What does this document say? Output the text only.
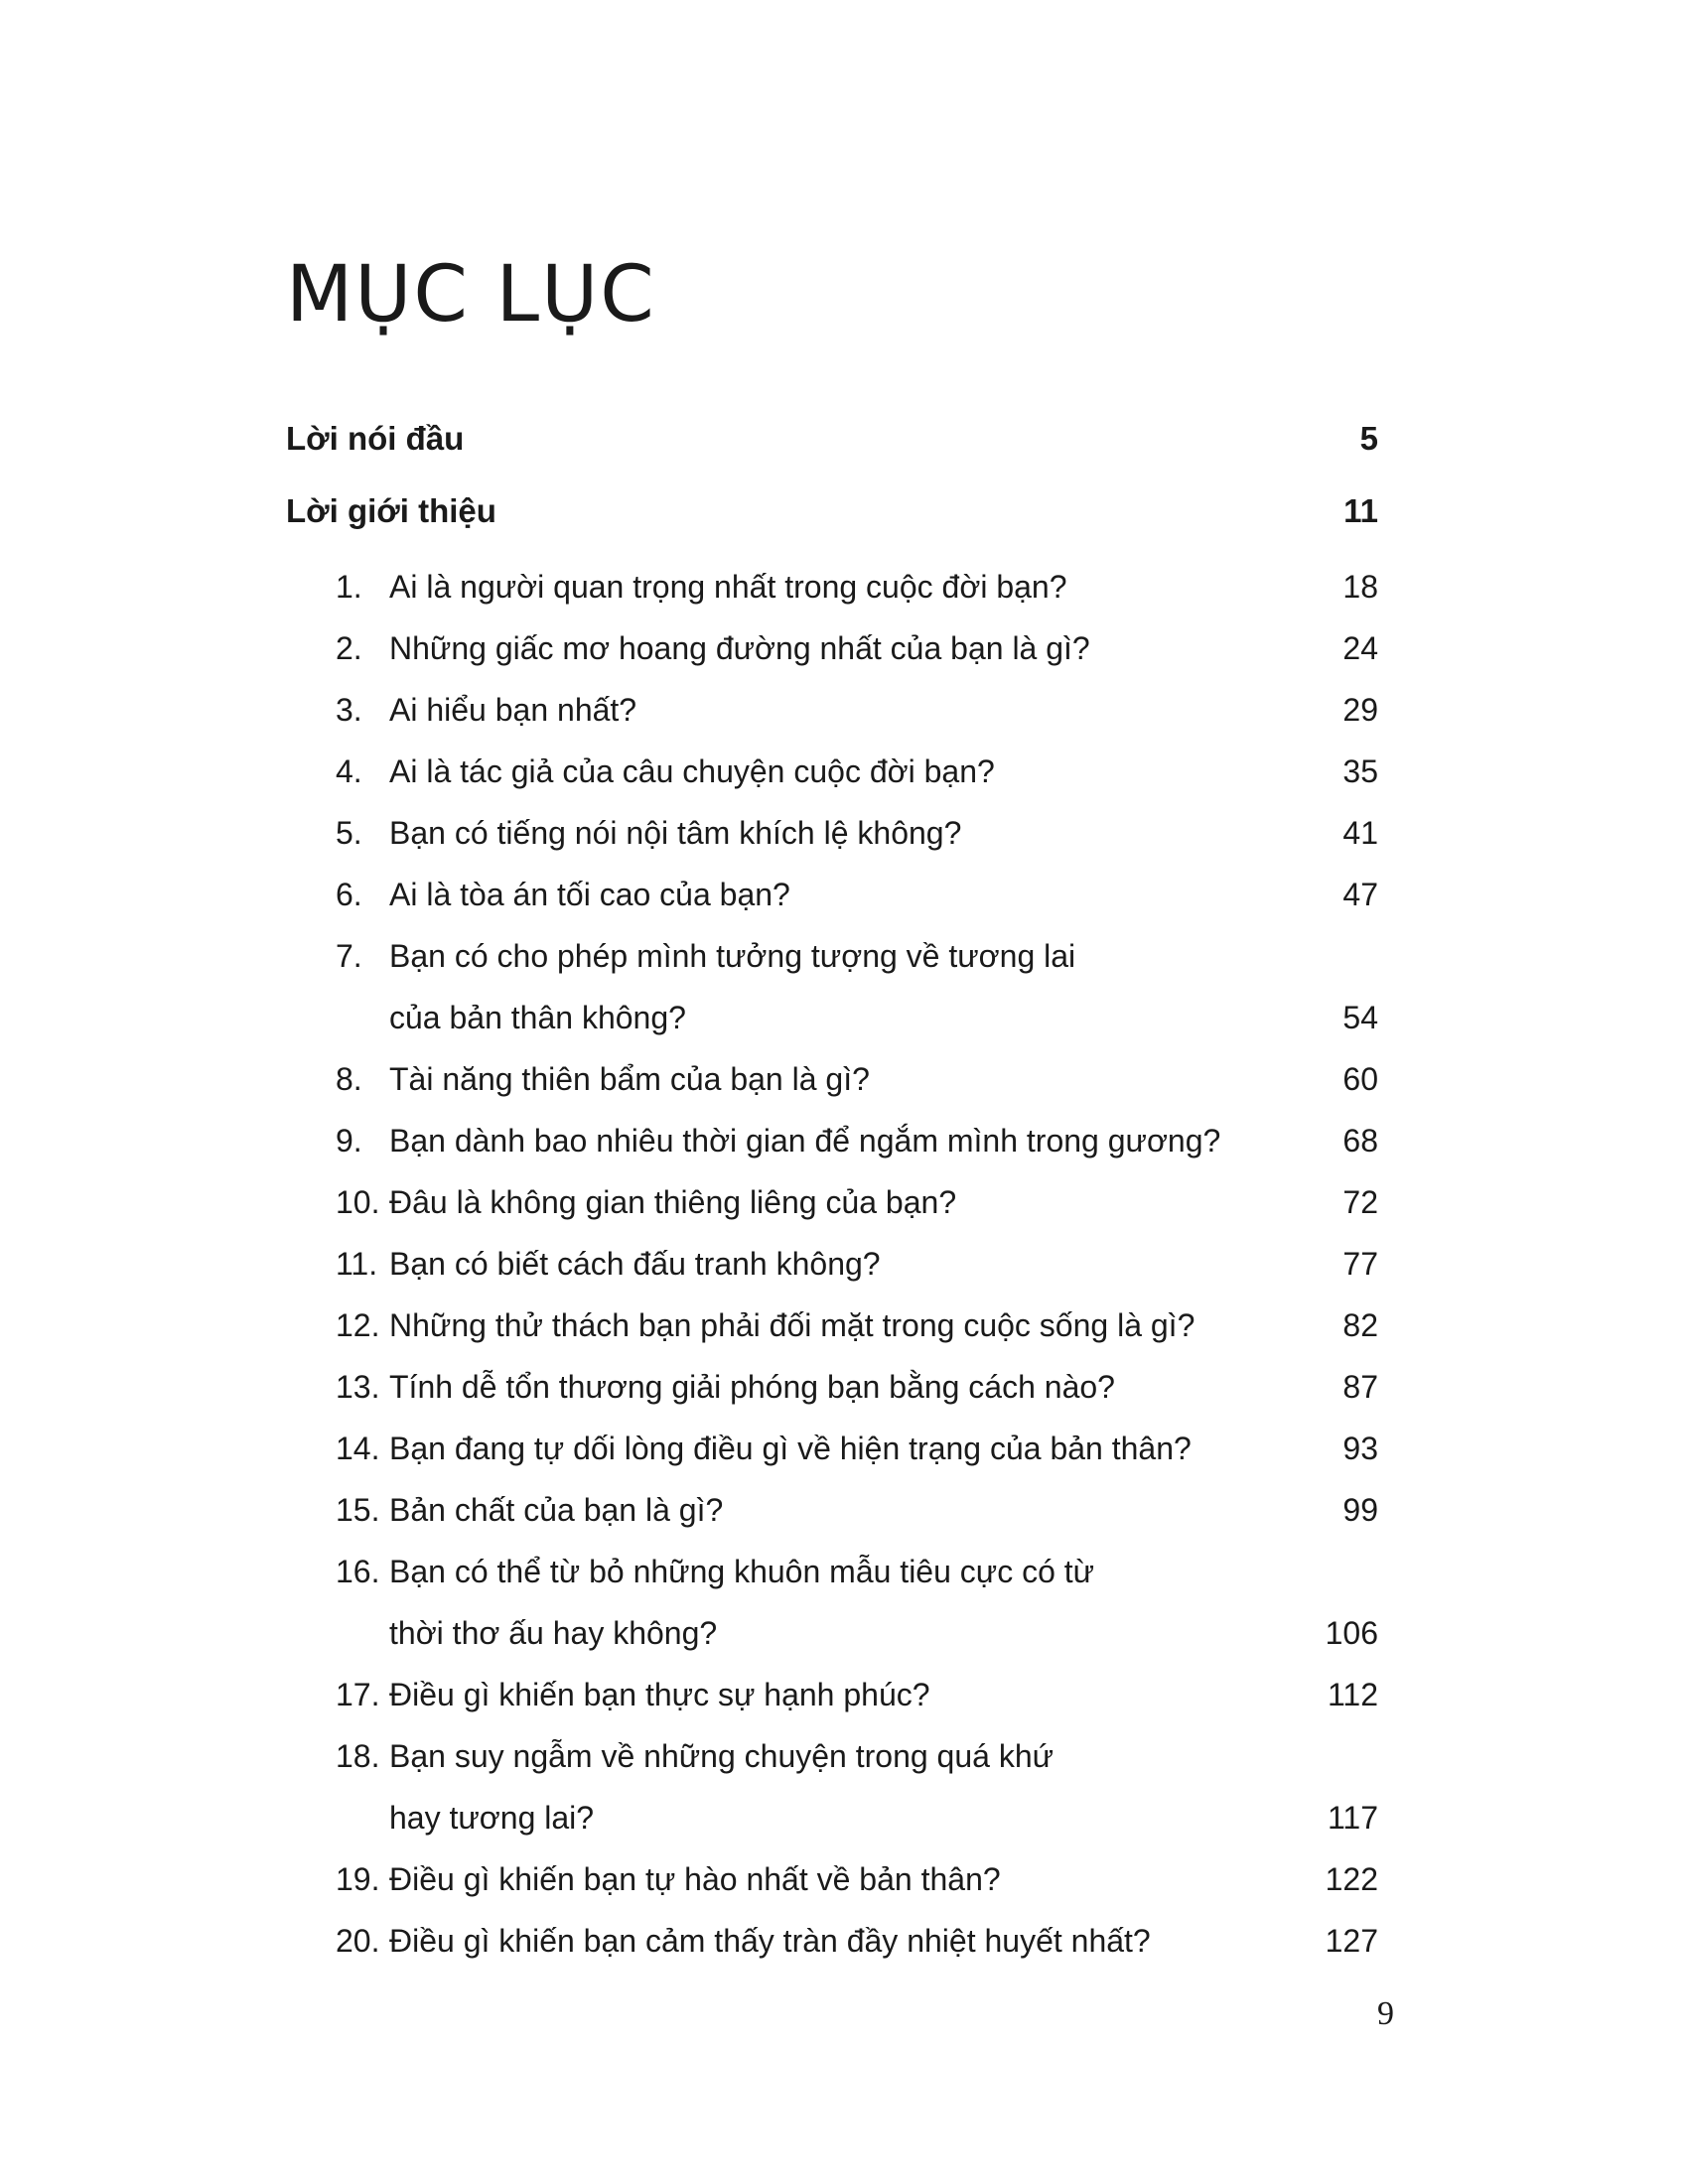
MỤC LỤC
Lời nói đầu	5
Lời giới thiệu	11
1. Ai là người quan trọng nhất trong cuộc đời bạn?	18
2. Những giấc mơ hoang đường nhất của bạn là gì?	24
3. Ai hiểu bạn nhất?	29
4. Ai là tác giả của câu chuyện cuộc đời bạn?	35
5. Bạn có tiếng nói nội tâm khích lệ không?	41
6. Ai là tòa án tối cao của bạn?	47
7. Bạn có cho phép mình tưởng tượng về tương lai
của bản thân không?	54
8. Tài năng thiên bẩm của bạn là gì?	60
9. Bạn dành bao nhiêu thời gian để ngắm mình trong gương?	68
10. Đâu là không gian thiêng liêng của bạn?	72
11. Bạn có biết cách đấu tranh không?	77
12. Những thử thách bạn phải đối mặt trong cuộc sống là gì?	82
13. Tính dễ tổn thương giải phóng bạn bằng cách nào?	87
14. Bạn đang tự dối lòng điều gì về hiện trạng của bản thân?	93
15. Bản chất của bạn là gì?	99
16. Bạn có thể từ bỏ những khuôn mẫu tiêu cực có từ
thời thơ ấu hay không?	106
17. Điều gì khiến bạn thực sự hạnh phúc?	112
18. Bạn suy ngẫm về những chuyện trong quá khứ
hay tương lai?	117
19. Điều gì khiến bạn tự hào nhất về bản thân?	122
20. Điều gì khiến bạn cảm thấy tràn đầy nhiệt huyết nhất?	127
9
